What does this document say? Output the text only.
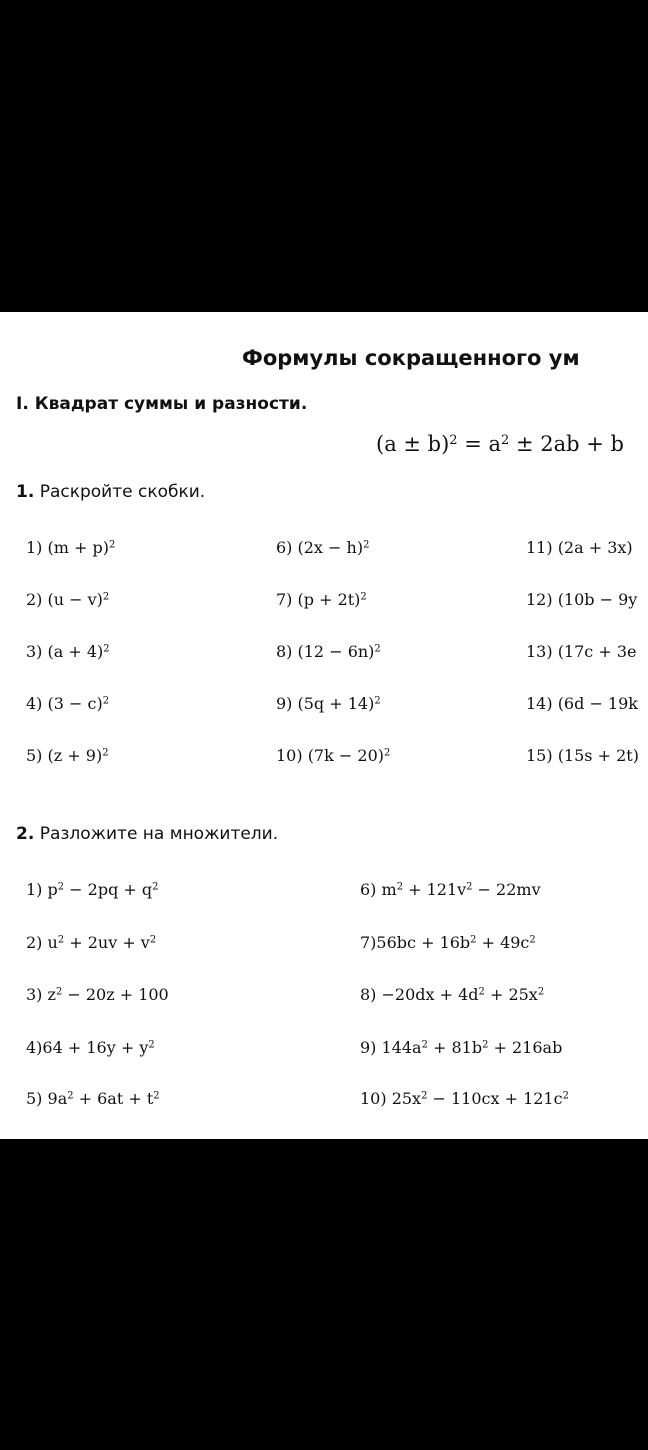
Формулы сокращенного ум
I. Квадрат суммы и разности.
$(a \pm b)^2 = a^2 \pm 2ab + b$
1. Раскройте скобки.
1) $(m + p)^2$
2) $(u - v)^2$
3) $(a + 4)^2$
4) $(3 - c)^2$
5) $(z + 9)^2$
6) $(2x - h)^2$
7) $(p + 2t)^2$
8) $(12 - 6n)^2$
9) $(5q + 14)^2$
10) $(7k - 20)^2$
11) (2a + 3x)
12) (10b − 9y
13) (17c + 3e
14) (6d − 19k
15) (15s + 2t)
2. Разложите на множители.
1) $p^2 - 2pq + q^2$
2) $u^2 + 2uv + v^2$
3) $z^2 - 20z + 100$
$4)64 + 16y + y^2$
5) $9a^2 + 6at + t^2$
6) $m^2 + 121v^2 - 22mv$
$7)56bc + 16b^2 + 49c^2$
$8) -20dx + 4d^2 + 25x^2$
9) $144a^2 + 81b^2 + 216ab$
10) $25x^2 - 110cx + 121c^2$
